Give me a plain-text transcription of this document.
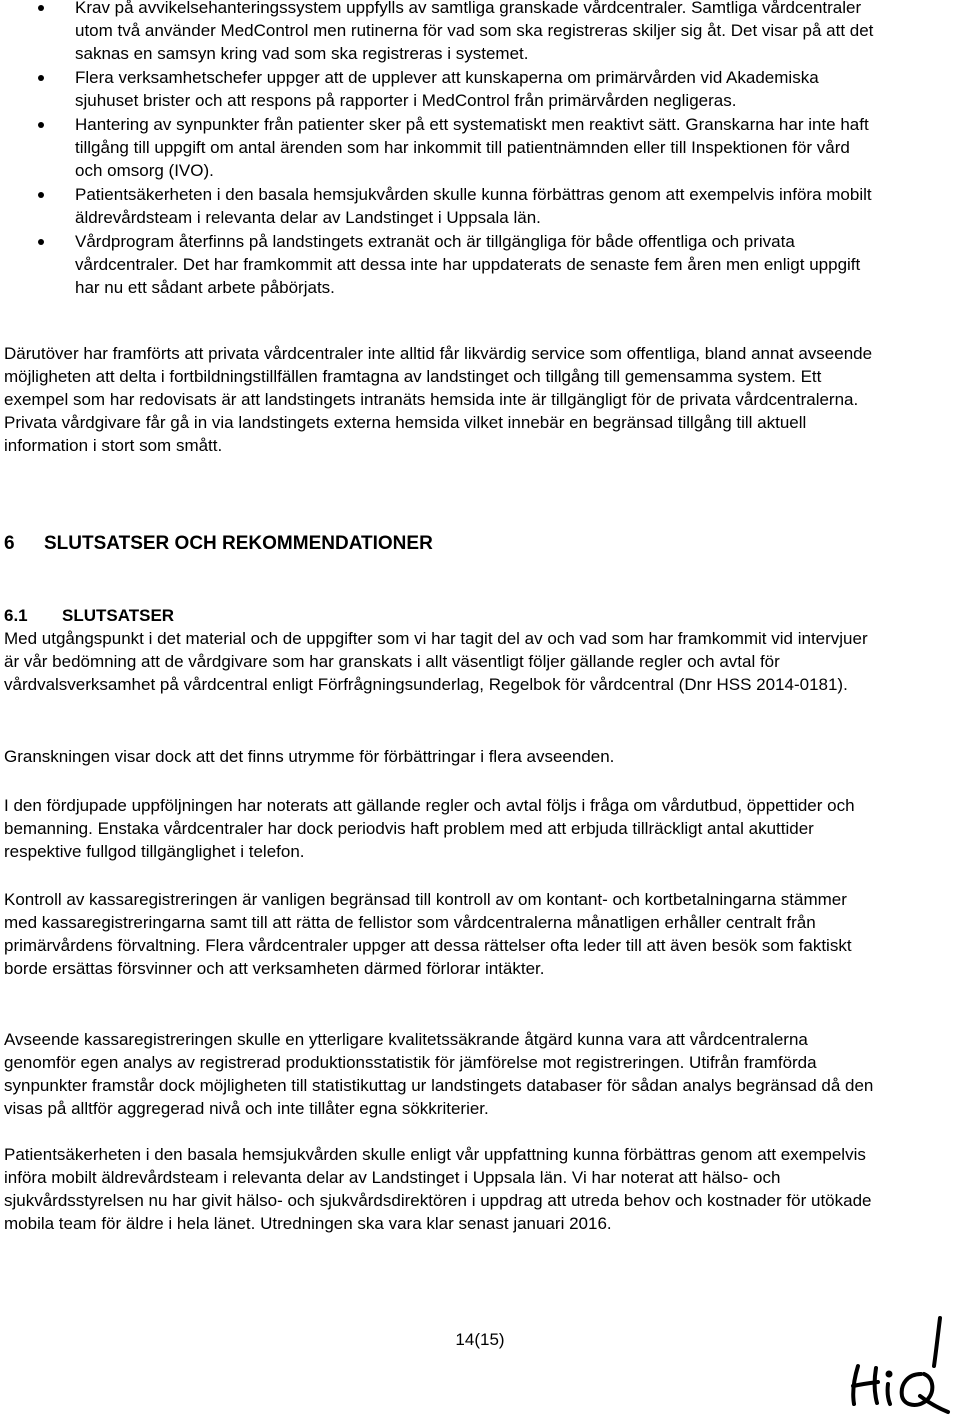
Krav på avvikelsehanteringssystem uppfylls av samtliga granskade vårdcentraler. Samtliga vårdcentraler utom två använder MedControl men rutinerna för vad som ska registreras skiljer sig åt. Det visar på att det saknas en samsyn kring vad som ska registreras i systemet.
Flera verksamhetschefer uppger att de upplever att kunskaperna om primärvården vid Akademiska sjuhuset brister och att respons på rapporter i MedControl från primärvården negligeras.
Hantering av synpunkter från patienter sker på ett systematiskt men reaktivt sätt. Granskarna har inte haft tillgång till uppgift om antal ärenden som har inkommit till patientnämnden eller till Inspektionen för vård och omsorg (IVO).
Patientsäkerheten i den basala hemsjukvården skulle kunna förbättras genom att exempelvis införa mobilt äldrevårdsteam i relevanta delar av Landstinget i Uppsala län.
Vårdprogram återfinns på landstingets extranät och är tillgängliga för både offentliga och privata vårdcentraler. Det har framkommit att dessa inte har uppdaterats de senaste fem åren men enligt uppgift har nu ett sådant arbete påbörjats.

Därutöver har framförts att privata vårdcentraler inte alltid får likvärdig service som offentliga, bland annat avseende möjligheten att delta i fortbildningstillfällen framtagna av landstinget och tillgång till gemensamma system. Ett exempel som har redovisats är att landstingets intranäts hemsida inte är tillgängligt för de privata vårdcentralerna. Privata vårdgivare får gå in via landstingets externa hemsida vilket innebär en begränsad tillgång till aktuell information i stort som smått.

6 SLUTSATSER OCH REKOMMENDATIONER
6.1 SLUTSATSER

Med utgångspunkt i det material och de uppgifter som vi har tagit del av och vad som har framkommit vid intervjuer är vår bedömning att de vårdgivare som har granskats i allt väsentligt följer gällande regler och avtal för vårdvalsverksamhet på vårdcentral enligt Förfrågningsunderlag, Regelbok för vårdcentral (Dnr HSS 2014-0181).

Granskningen visar dock att det finns utrymme för förbättringar i flera avseenden.

I den fördjupade uppföljningen har noterats att gällande regler och avtal följs i fråga om vårdutbud, öppettider och bemanning. Enstaka vårdcentraler har dock periodvis haft problem med att erbjuda tillräckligt antal akuttider respektive fullgod tillgänglighet i telefon.

Kontroll av kassaregistreringen är vanligen begränsad till kontroll av om kontant- och kortbetalningarna stämmer med kassaregistreringarna samt till att rätta de fellistor som vårdcentralerna månatligen erhåller centralt från primärvårdens förvaltning. Flera vårdcentraler uppger att dessa rättelser ofta leder till att även besök som faktiskt borde ersättas försvinner och att verksamheten därmed förlorar intäkter.

Avseende kassaregistreringen skulle en ytterligare kvalitetssäkrande åtgärd kunna vara att vårdcentralerna genomför egen analys av registrerad produktionsstatistik för jämförelse mot registreringen. Utifrån framförda synpunkter framstår dock möjligheten till statistikuttag ur landstingets databaser för sådan analys begränsad då den visas på alltför aggregerad nivå och inte tillåter egna sökkriterier.

Patientsäkerheten i den basala hemsjukvården skulle enligt vår uppfattning kunna förbättras genom att exempelvis införa mobilt äldrevårdsteam i relevanta delar av Landstinget i Uppsala län. Vi har noterat att hälso- och sjukvårdsstyrelsen nu har givit hälso- och sjukvårdsdirektören i uppdrag att utreda behov och kostnader för utökade mobila team för äldre i hela länet. Utredningen ska vara klar senast januari 2016.

14(15)
